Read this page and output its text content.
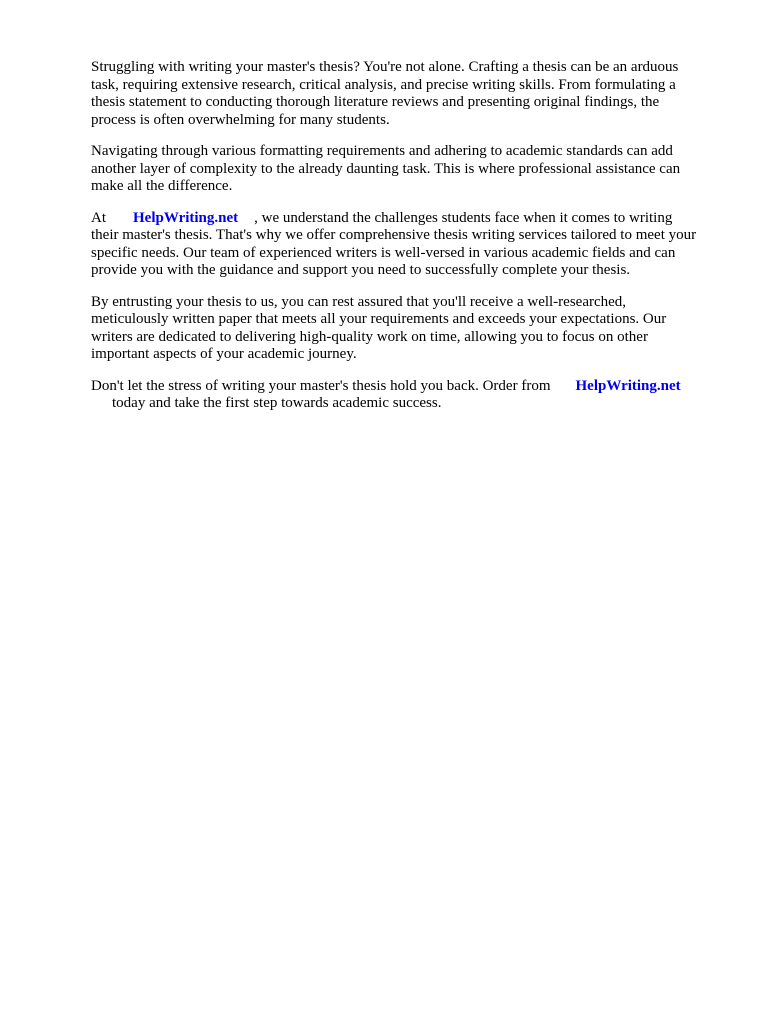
Struggling with writing your master's thesis? You're not alone. Crafting a thesis can be an arduous
task, requiring extensive research, critical analysis, and precise writing skills. From formulating a
thesis statement to conducting thorough literature reviews and presenting original findings, the
process is often overwhelming for many students.

Navigating through various formatting requirements and adhering to academic standards can add
another layer of complexity to the already daunting task. This is where professional assistance can
make all the difference.

At HelpWriting.net , we understand the challenges students face when it comes to writing
their master's thesis. That's why we offer comprehensive thesis writing services tailored to meet your
specific needs. Our team of experienced writers is well-versed in various academic fields and can
provide you with the guidance and support you need to successfully complete your thesis.

By entrusting your thesis to us, you can rest assured that you'll receive a well-researched,
meticulously written paper that meets all your requirements and exceeds your expectations. Our
writers are dedicated to delivering high-quality work on time, allowing you to focus on other
important aspects of your academic journey.

Don't let the stress of writing your master's thesis hold you back. Order from HelpWriting.net
today and take the first step towards academic success.
